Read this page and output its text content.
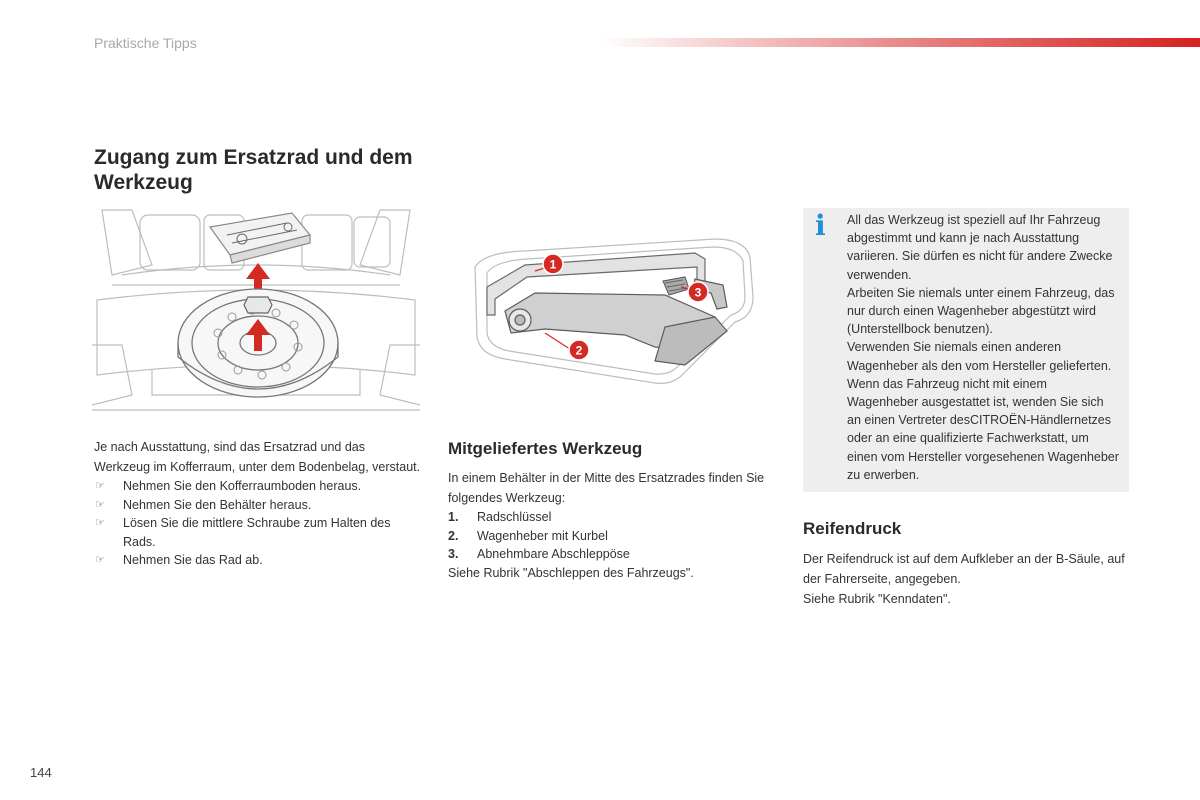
Praktische Tipps
Zugang zum Ersatzrad und dem Werkzeug
1
2
3

Je nach Ausstattung, sind das Ersatzrad und das Werkzeug im Kofferraum, unter dem Bodenbelag, verstaut.

☞ Nehmen Sie den Kofferraumboden heraus.
☞ Nehmen Sie den Behälter heraus.
☞ Lösen Sie die mittlere Schraube zum Halten des Rads.
☞ Nehmen Sie das Rad ab.
Mitgeliefertes Werkzeug

In einem Behälter in der Mitte des Ersatzrades finden Sie folgendes Werkzeug:

1. Radschlüssel
2. Wagenheber mit Kurbel
3. Abnehmbare Abschleppöse

Siehe Rubrik "Abschleppen des Fahrzeugs".

i	All das Werkzeug ist speziell auf Ihr Fahrzeug abgestimmt und kann je nach Ausstattung variieren. Sie dürfen es nicht für andere Zwecke verwenden.

Arbeiten Sie niemals unter einem Fahrzeug, das nur durch einen Wagenheber abgestützt wird (Unterstellbock benutzen).

Verwenden Sie niemals einen anderen Wagenheber als den vom Hersteller gelieferten. Wenn das Fahrzeug nicht mit einem Wagenheber ausgestattet ist, wenden Sie sich an einen Vertreter desCITROËN-Händlernetzes oder an eine qualifizierte Fachwerkstatt, um einen vom Hersteller vorgesehenen Wagenheber zu erwerben.

Reifendruck

Der Reifendruck ist auf dem Aufkleber an der B-Säule, auf der Fahrerseite, angegeben.

Siehe Rubrik "Kenndaten".

144
